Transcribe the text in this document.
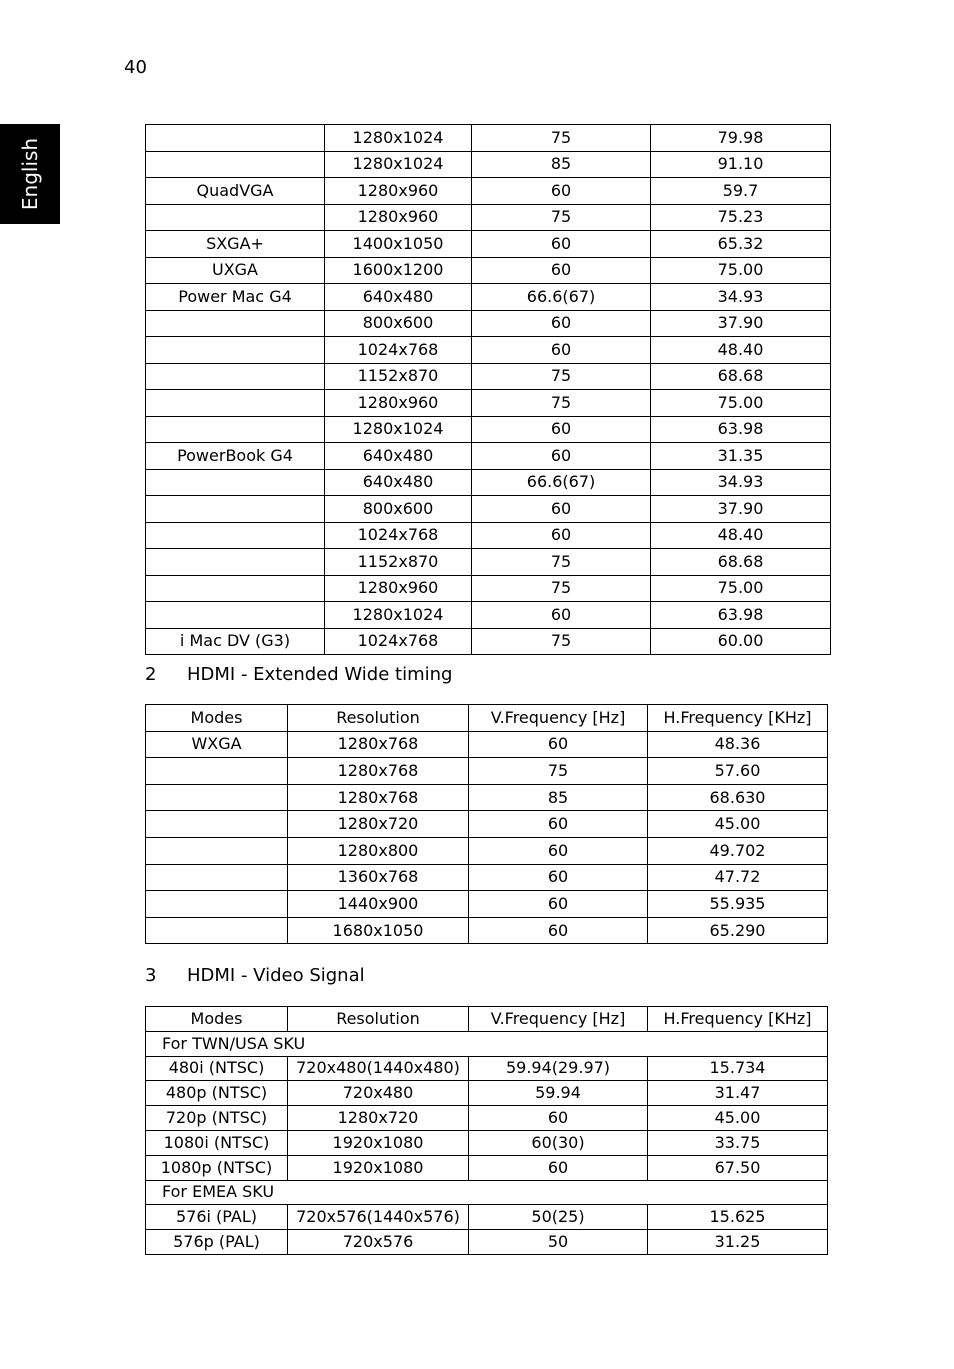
40
English
	1280x1024	75	79.98
	1280x1024	85	91.10
QuadVGA	1280x960	60	59.7
	1280x960	75	75.23
SXGA+	1400x1050	60	65.32
UXGA	1600x1200	60	75.00
Power Mac G4	640x480	66.6(67)	34.93
	800x600	60	37.90
	1024x768	60	48.40
	1152x870	75	68.68
	1280x960	75	75.00
	1280x1024	60	63.98
PowerBook G4	640x480	60	31.35
	640x480	66.6(67)	34.93
	800x600	60	37.90
	1024x768	60	48.40
	1152x870	75	68.68
	1280x960	75	75.00
	1280x1024	60	63.98
i Mac DV (G3)	1024x768	75	60.00
2 HDMI - Extended Wide timing
Modes	Resolution	V.Frequency [Hz]	H.Frequency [KHz]
WXGA	1280x768	60	48.36
	1280x768	75	57.60
	1280x768	85	68.630
	1280x720	60	45.00
	1280x800	60	49.702
	1360x768	60	47.72
	1440x900	60	55.935
	1680x1050	60	65.290
3 HDMI - Video Signal
Modes	Resolution	V.Frequency [Hz]	H.Frequency [KHz]
For TWN/USA SKU			
480i (NTSC)	720x480(1440x480)	59.94(29.97)	15.734
480p (NTSC)	720x480	59.94	31.47
720p (NTSC)	1280x720	60	45.00
1080i (NTSC)	1920x1080	60(30)	33.75
1080p (NTSC)	1920x1080	60	67.50
For EMEA SKU			
576i (PAL)	720x576(1440x576)	50(25)	15.625
576p (PAL)	720x576	50	31.25
